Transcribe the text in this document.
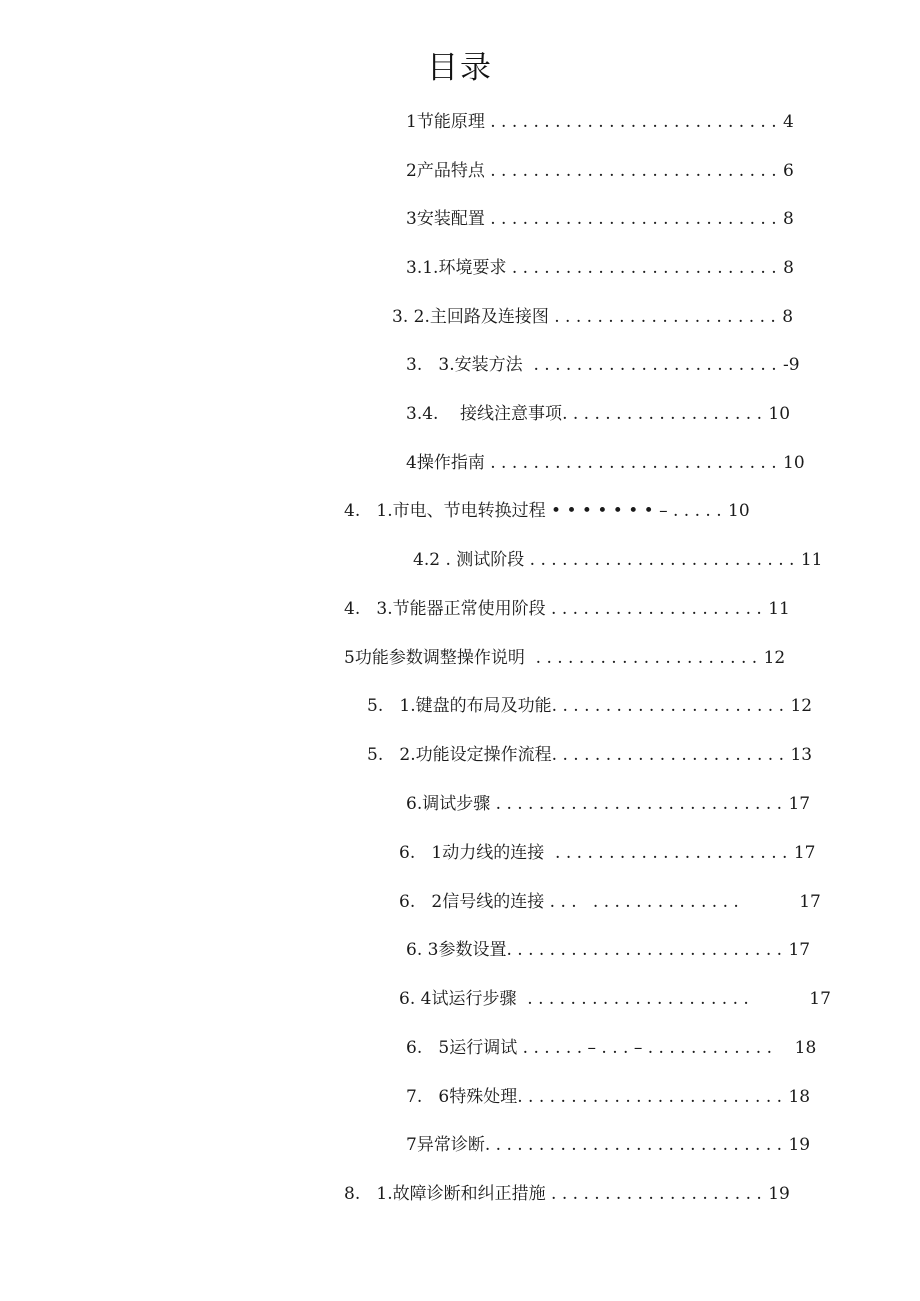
目录
1节能原理 . . . . . . . . . . . . . . . . . . . . . . . . . . . 4
2产品特点 . . . . . . . . . . . . . . . . . . . . . . . . . . . 6
3安装配置 . . . . . . . . . . . . . . . . . . . . . . . . . . . 8
3.1.环境要求 . . . . . . . . . . . . . . . . . . . . . . . . . 8
3. 2.主回路及连接图 . . . . . . . . . . . . . . . . . . . . . 8
3.   3.安装方法  . . . . . . . . . . . . . . . . . . . . . . . -9
3.4.    接线注意事项. . . . . . . . . . . . . . . . . . . 10
4操作指南 . . . . . . . . . . . . . . . . . . . . . . . . . . . 10
4.   1.市电、节电转换过程 • • • • • • • – . . . . . 10
4.2 . 测试阶段 . . . . . . . . . . . . . . . . . . . . . . . . . 11
4.   3.节能器正常使用阶段 . . . . . . . . . . . . . . . . . . . . 11
5功能参数调整操作说明  . . . . . . . . . . . . . . . . . . . . . 12
5.   1.键盘的布局及功能. . . . . . . . . . . . . . . . . . . . . . 12
5.   2.功能设定操作流程. . . . . . . . . . . . . . . . . . . . . . 13
6.调试步骤 . . . . . . . . . . . . . . . . . . . . . . . . . . . 17
6.   1动力线的连接  . . . . . . . . . . . . . . . . . . . . . . 17
6.   2信号线的连接 . . .   . . . . . . . . . . . . . .           17
6. 3参数设置. . . . . . . . . . . . . . . . . . . . . . . . . . 17
6. 4试运行步骤  . . . . . . . . . . . . . . . . . . . . .           17
6.   5运行调试 . . . . . . – . . . – . . . . . . . . . . . .    18
7.   6特殊处理. . . . . . . . . . . . . . . . . . . . . . . . . 18
7异常诊断. . . . . . . . . . . . . . . . . . . . . . . . . . . . 19
8.   1.故障诊断和纠正措施 . . . . . . . . . . . . . . . . . . . . 19
